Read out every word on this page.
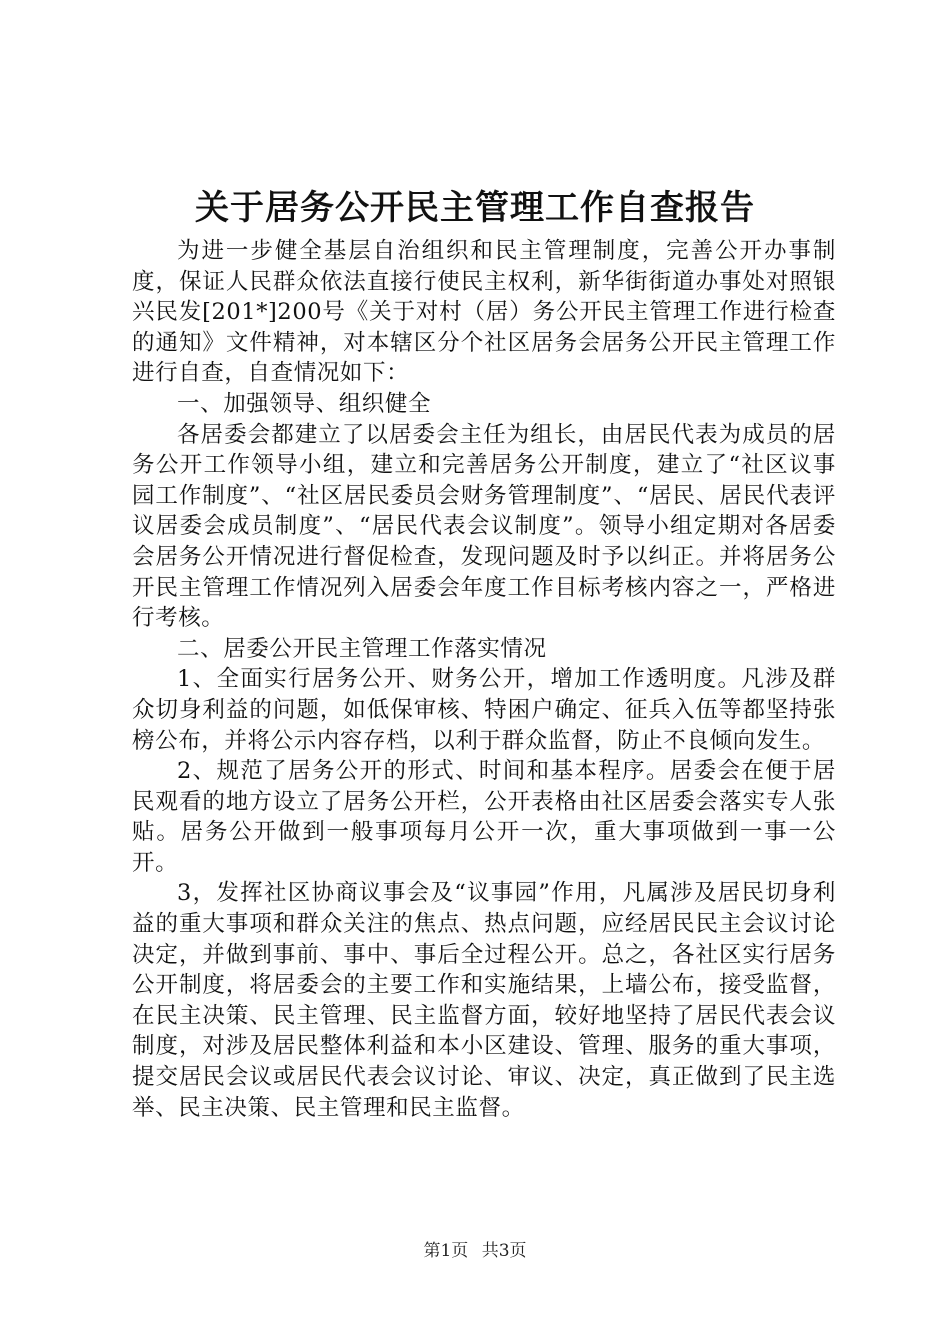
关于居务公开民主管理工作自查报告

为进一步健全基层自治组织和民主管理制度，完善公开办事制度，保证人民群众依法直接行使民主权利，新华街街道办事处对照银兴民发[201*]200号《关于对村（居）务公开民主管理工作进行检查的通知》文件精神，对本辖区分个社区居务会居务公开民主管理工作进行自查，自查情况如下：

一、加强领导、组织健全

各居委会都建立了以居委会主任为组长，由居民代表为成员的居务公开工作领导小组，建立和完善居务公开制度，建立了“社区议事园工作制度”、“社区居民委员会财务管理制度”、“居民、居民代表评议居委会成员制度”、“居民代表会议制度”。领导小组定期对各居委会居务公开情况进行督促检查，发现问题及时予以纠正。并将居务公开民主管理工作情况列入居委会年度工作目标考核内容之一，严格进行考核。

二、居委公开民主管理工作落实情况

1、全面实行居务公开、财务公开，增加工作透明度。凡涉及群众切身利益的问题，如低保审核、特困户确定、征兵入伍等都坚持张榜公布，并将公示内容存档，以利于群众监督，防止不良倾向发生。

2、规范了居务公开的形式、时间和基本程序。居委会在便于居民观看的地方设立了居务公开栏，公开表格由社区居委会落实专人张贴。居务公开做到一般事项每月公开一次，重大事项做到一事一公开。

3，发挥社区协商议事会及“议事园”作用，凡属涉及居民切身利益的重大事项和群众关注的焦点、热点问题，应经居民民主会议讨论决定，并做到事前、事中、事后全过程公开。总之，各社区实行居务公开制度，将居委会的主要工作和实施结果，上墙公布，接受监督，在民主决策、民主管理、民主监督方面，较好地坚持了居民代表会议制度，对涉及居民整体利益和本小区建设、管理、服务的重大事项，提交居民会议或居民代表会议讨论、审议、决定，真正做到了民主选举、民主决策、民主管理和民主监督。

第1页 共3页
